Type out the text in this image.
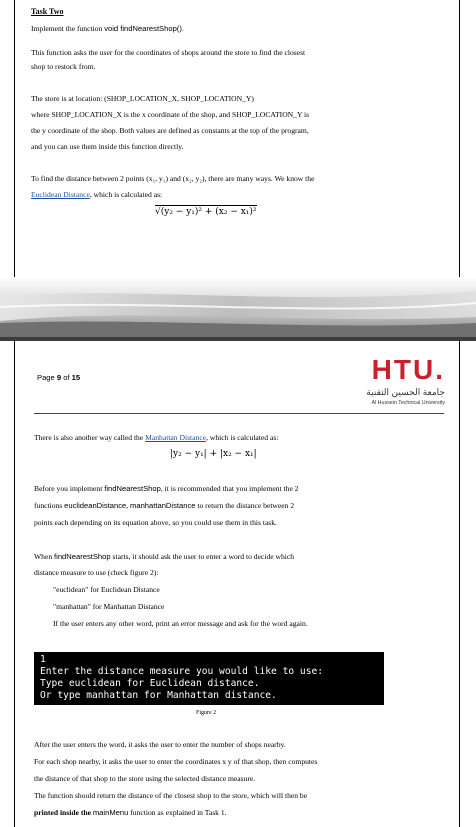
Task Two
Implement the function void findNearestShop().
This function asks the user for the coordinates of shops around the store to find the closest
shop to restock from.
The store is at location: (SHOP_LOCATION_X, SHOP_LOCATION_Y)
where SHOP_LOCATION_X is the x coordinate of the shop, and SHOP_LOCATION_Y is
the y coordinate of the shop. Both values are defined as constants at the top of the program,
and you can use them inside this function directly.
To find the distance between 2 points (x₁, y₁) and (x₂, y₂), there are many ways. We know the
Euclidean Distance, which is calculated as:
√(y₂ − y₁)² + (x₂ − x₁)²
Page 9 of 15	HTU.
جامعة الحسين التقنية
Al Hussein Technical University
There is also another way called the Manhattan Distance, which is calculated as:
|y₂ − y₁| + |x₂ − x₁|
Before you implement findNearestShop, it is recommended that you implement the 2
functions euclideanDistance, manhattanDistance to return the distance between 2
points each depending on its equation above, so you could use them in this task.
When findNearestShop starts, it should ask the user to enter a word to decide which
distance measure to use (check figure 2):
"euclidean" for Euclidean Distance
"manhattan" for Manhattan Distance
If the user enters any other word, print an error message and ask for the word again.
1
Enter the distance measure you would like to use:
Type euclidean for Euclidean distance.
Or type manhattan for Manhattan distance.
Figure 2
After the user enters the word, it asks the user to enter the number of shops nearby.
For each shop nearby, it asks the user to enter the coordinates x y of that shop, then computes
the distance of that shop to the store using the selected distance measure.
The function should return the distance of the closest shop to the store, which will then be
printed inside the mainMenu function as explained in Task 1.
